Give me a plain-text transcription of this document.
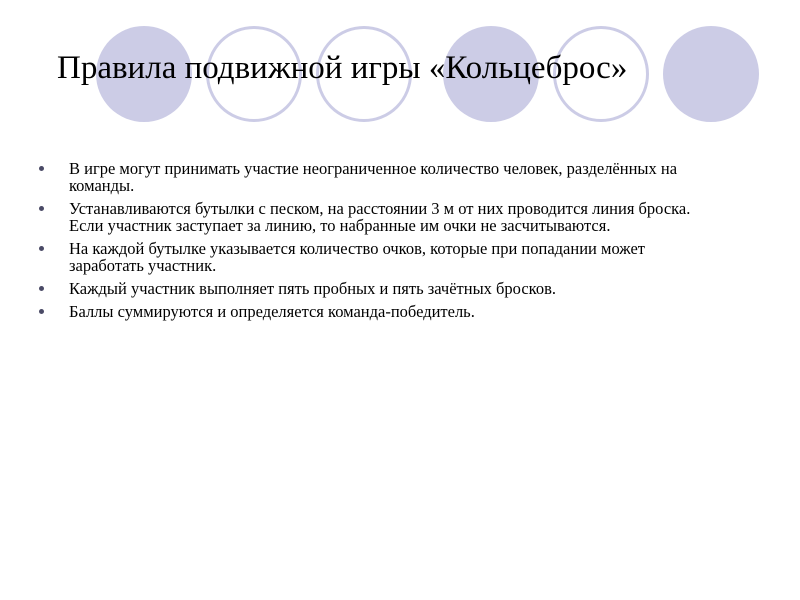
Правила подвижной игры «Кольцеброс»
В игре могут принимать участие неограниченное количество человек, разделённых на команды.
Устанавливаются бутылки с песком, на расстоянии 3 м от них проводится линия броска. Если участник заступает за линию, то набранные им очки не засчитываются.
На каждой бутылке указывается количество очков, которые при попадании может заработать участник.
Каждый участник выполняет пять пробных и пять зачётных бросков.
Баллы суммируются и определяется команда-победитель.
